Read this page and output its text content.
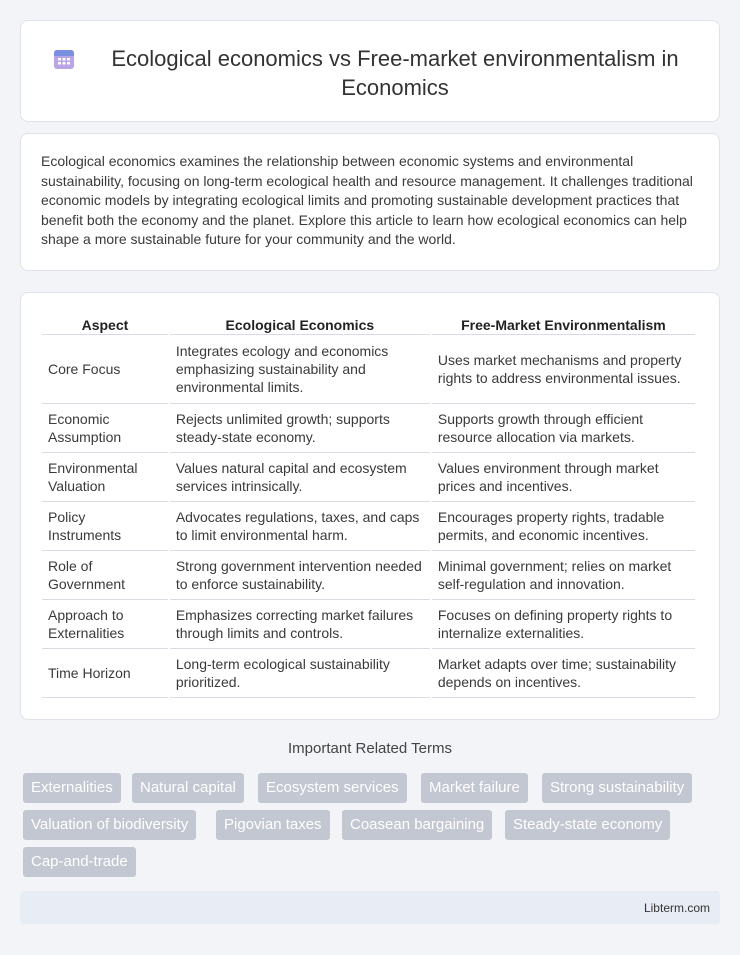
Ecological economics vs Free-market environmentalism in Economics

Ecological economics examines the relationship between economic systems and environmental sustainability, focusing on long-term ecological health and resource management. It challenges traditional economic models by integrating ecological limits and promoting sustainable development practices that benefit both the economy and the planet. Explore this article to learn how ecological economics can help shape a more sustainable future for your community and the world.

Aspect	Ecological Economics	Free-Market Environmentalism
Core Focus	Integrates ecology and economics emphasizing sustainability and environmental limits.	Uses market mechanisms and property rights to address environmental issues.
Economic Assumption	Rejects unlimited growth; supports steady-state economy.	Supports growth through efficient resource allocation via markets.
Environmental Valuation	Values natural capital and ecosystem services intrinsically.	Values environment through market prices and incentives.
Policy Instruments	Advocates regulations, taxes, and caps to limit environmental harm.	Encourages property rights, tradable permits, and economic incentives.
Role of Government	Strong government intervention needed to enforce sustainability.	Minimal government; relies on market self-regulation and innovation.
Approach to Externalities	Emphasizes correcting market failures through limits and controls.	Focuses on defining property rights to internalize externalities.
Time Horizon	Long-term ecological sustainability prioritized.	Market adapts over time; sustainability depends on incentives.
Important Related Terms
Externalities	Natural capital	Ecosystem services	Market failure	Strong sustainability
Valuation of biodiversity	Pigovian taxes	Coasean bargaining	Steady-state economy
Cap-and-trade
Libterm.com
